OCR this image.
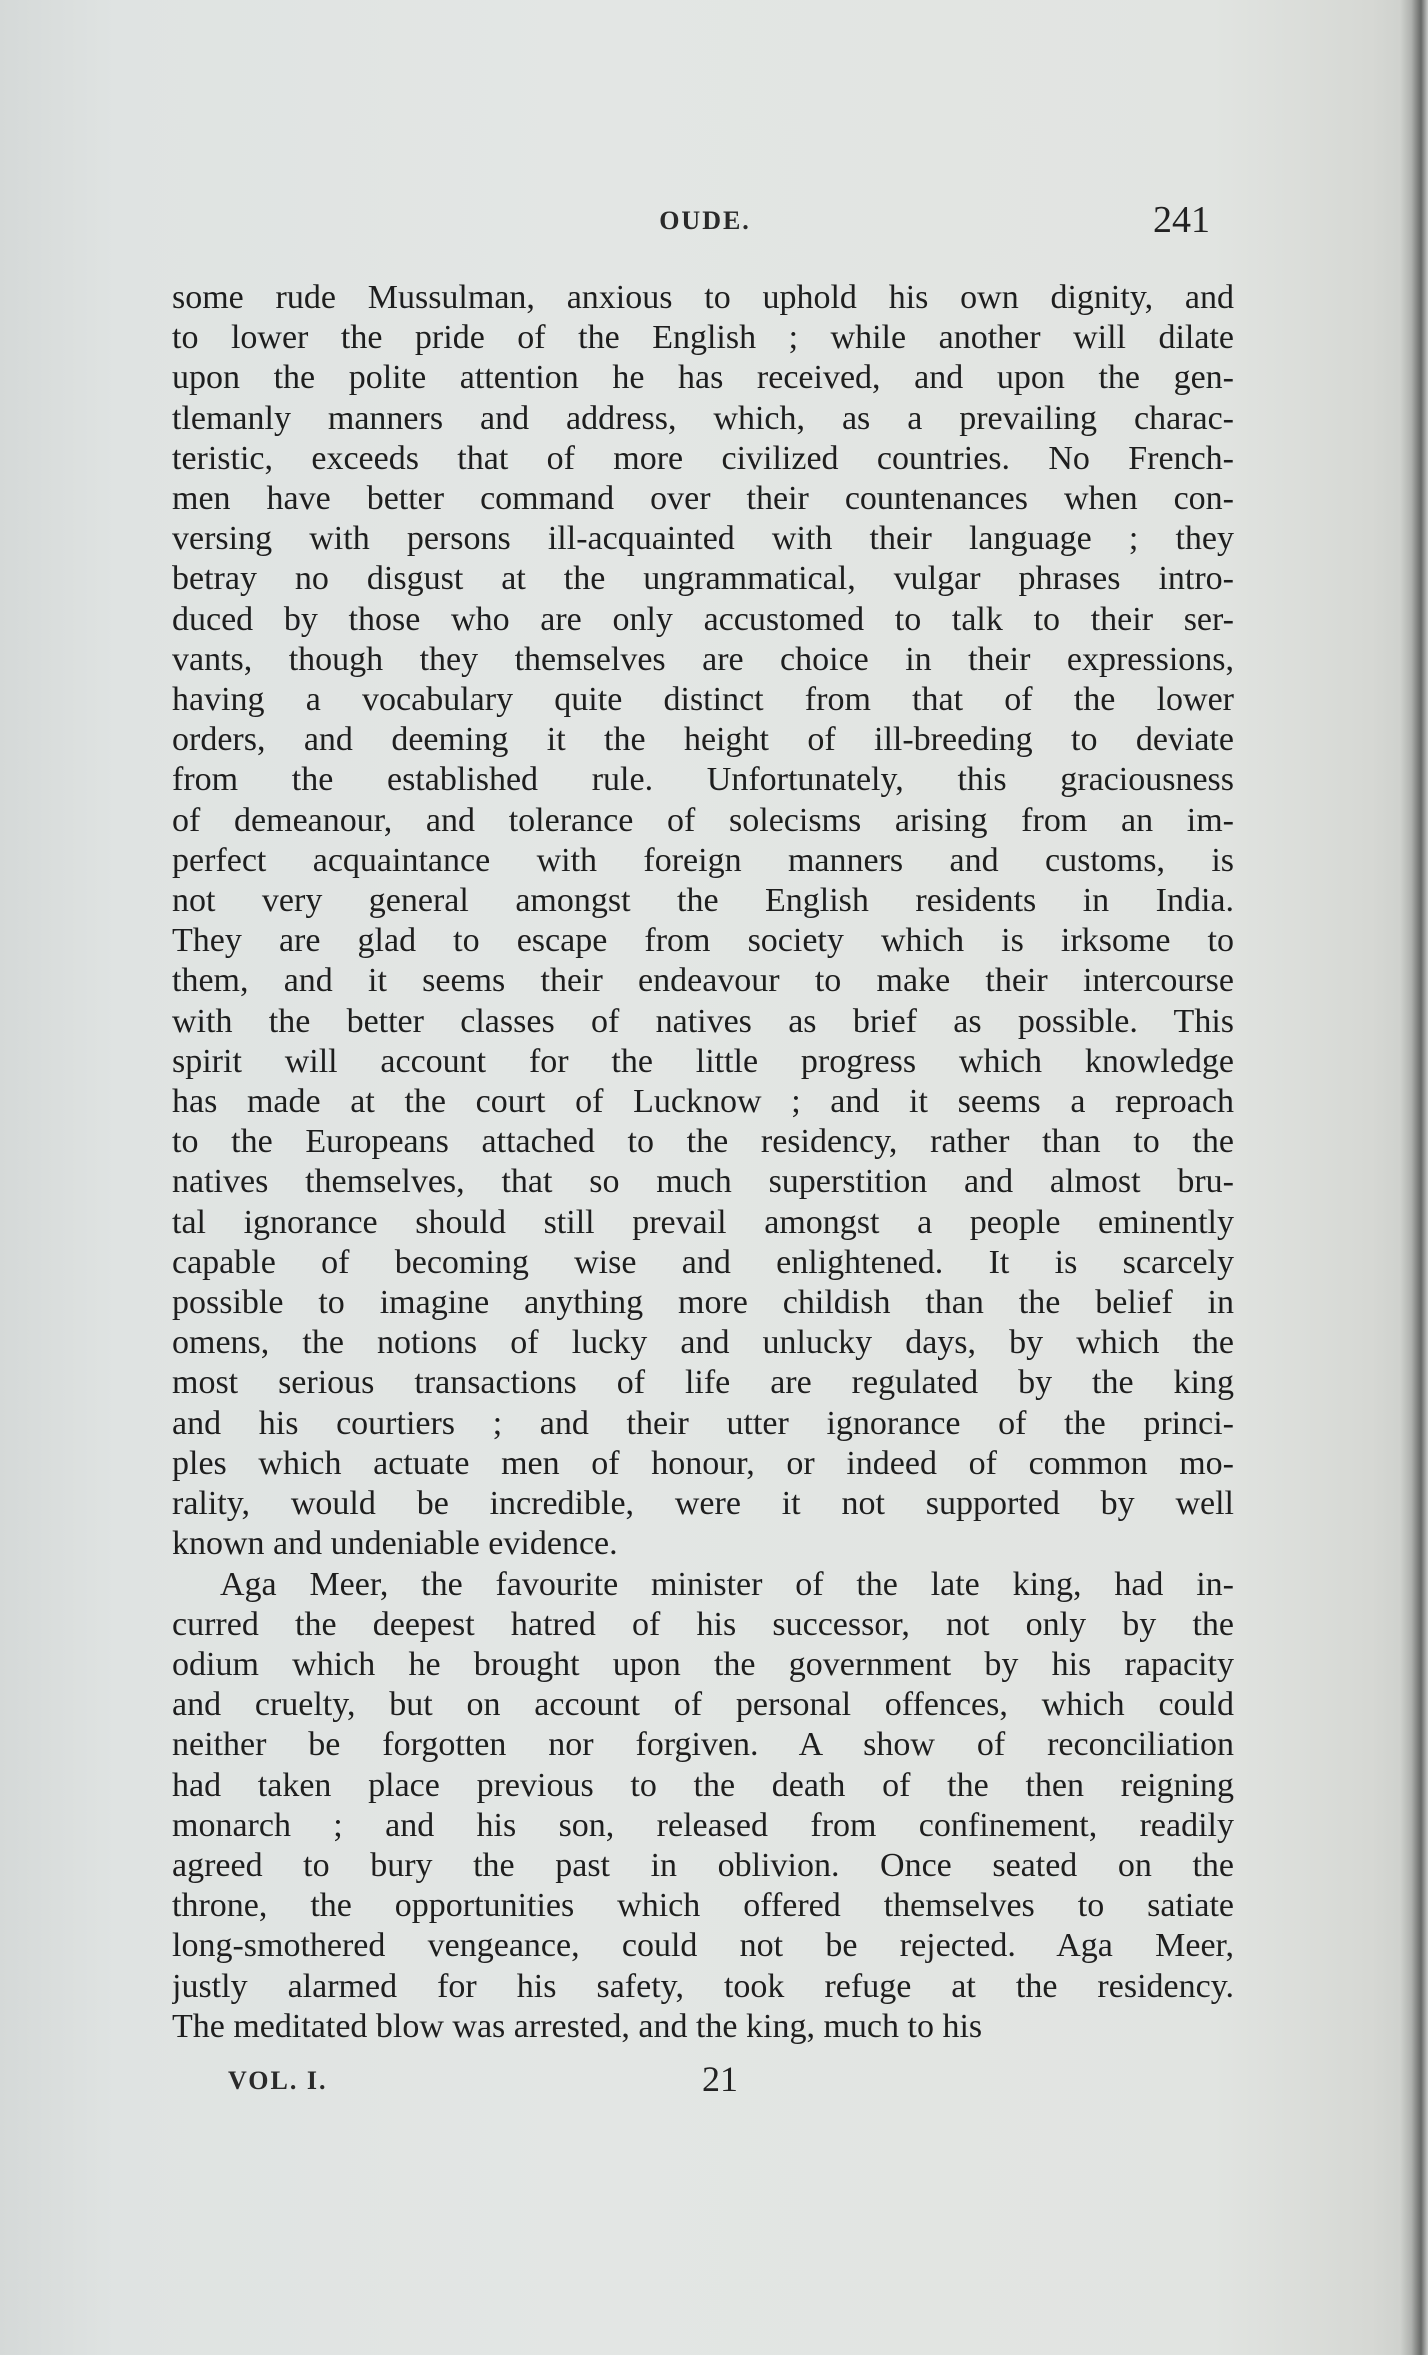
OUDE.	241
some rude Mussulman, anxious to uphold his own dignity, and
to lower the pride of the English ; while another will dilate
upon the polite attention he has received, and upon the gen-
tlemanly manners and address, which, as a prevailing charac-
teristic, exceeds that of more civilized countries. No French-
men have better command over their countenances when con-
versing with persons ill-acquainted with their language ; they
betray no disgust at the ungrammatical, vulgar phrases intro-
duced by those who are only accustomed to talk to their ser-
vants, though they themselves are choice in their expressions,
having a vocabulary quite distinct from that of the lower
orders, and deeming it the height of ill-breeding to deviate
from the established rule. Unfortunately, this graciousness
of demeanour, and tolerance of solecisms arising from an im-
perfect acquaintance with foreign manners and customs, is
not very general amongst the English residents in India.
They are glad to escape from society which is irksome to
them, and it seems their endeavour to make their intercourse
with the better classes of natives as brief as possible. This
spirit will account for the little progress which knowledge
has made at the court of Lucknow ; and it seems a reproach
to the Europeans attached to the residency, rather than to the
natives themselves, that so much superstition and almost bru-
tal ignorance should still prevail amongst a people eminently
capable of becoming wise and enlightened. It is scarcely
possible to imagine anything more childish than the belief in
omens, the notions of lucky and unlucky days, by which the
most serious transactions of life are regulated by the king
and his courtiers ; and their utter ignorance of the princi-
ples which actuate men of honour, or indeed of common mo-
rality, would be incredible, were it not supported by well
known and undeniable evidence.
Aga Meer, the favourite minister of the late king, had in-
curred the deepest hatred of his successor, not only by the
odium which he brought upon the government by his rapacity
and cruelty, but on account of personal offences, which could
neither be forgotten nor forgiven. A show of reconciliation
had taken place previous to the death of the then reigning
monarch ; and his son, released from confinement, readily
agreed to bury the past in oblivion. Once seated on the
throne, the opportunities which offered themselves to satiate
long-smothered vengeance, could not be rejected. Aga Meer,
justly alarmed for his safety, took refuge at the residency.
The meditated blow was arrested, and the king, much to his
VOL. I.	21
